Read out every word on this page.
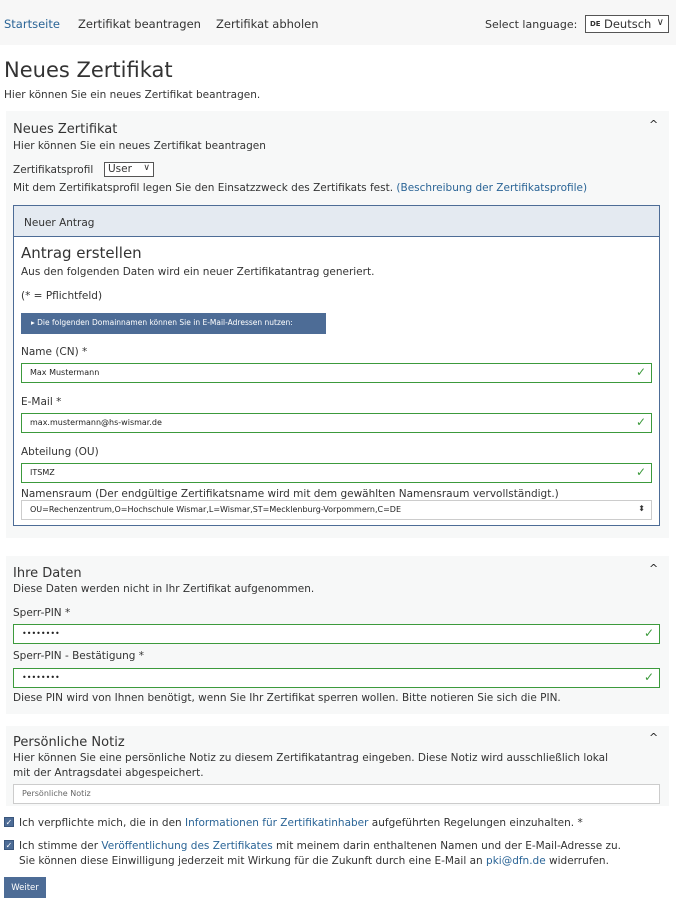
Startseite Zertifikat beantragen Zertifikat abholen	Select language: DE Deutsch ∨
Neues Zertifikat
Hier können Sie ein neues Zertifikat beantragen.
Neues Zertifikat	^
Hier können Sie ein neues Zertifikat beantragen
Zertifikatsprofil User ∨
Mit dem Zertifikatsprofil legen Sie den Einsatzzweck des Zertifikats fest. (Beschreibung der Zertifikatsprofile)
Neuer Antrag
Antrag erstellen
Aus den folgenden Daten wird ein neuer Zertifikatantrag generiert.
(* = Pflichtfeld)
▸ Die folgenden Domainnamen können Sie in E-Mail-Adressen nutzen:
Name (CN) *
Max Mustermann	✓
E-Mail *
max.mustermann@hs-wismar.de	✓
Abteilung (OU)
ITSMZ	✓
Namensraum (Der endgültige Zertifikatsname wird mit dem gewählten Namensraum vervollständigt.)
OU=Rechenzentrum,O=Hochschule Wismar,L=Wismar,ST=Mecklenburg-Vorpommern,C=DE	⬍
Ihre Daten	^
Diese Daten werden nicht in Ihr Zertifikat aufgenommen.
Sperr-PIN *
••••••••	✓
Sperr-PIN - Bestätigung *
••••••••	✓
Diese PIN wird von Ihnen benötigt, wenn Sie Ihr Zertifikat sperren wollen. Bitte notieren Sie sich die PIN.
Persönliche Notiz	^
Hier können Sie eine persönliche Notiz zu diesem Zertifikatantrag eingeben. Diese Notiz wird ausschließlich lokal
mit der Antragsdatei abgespeichert.
Persönliche Notiz
✓ Ich verpflichte mich, die in den Informationen für Zertifikatinhaber aufgeführten Regelungen einzuhalten. *
✓ Ich stimme der Veröffentlichung des Zertifikates mit meinem darin enthaltenen Namen und der E-Mail-Adresse zu.
Sie können diese Einwilligung jederzeit mit Wirkung für die Zukunft durch eine E-Mail an pki@dfn.de widerrufen.
Weiter
